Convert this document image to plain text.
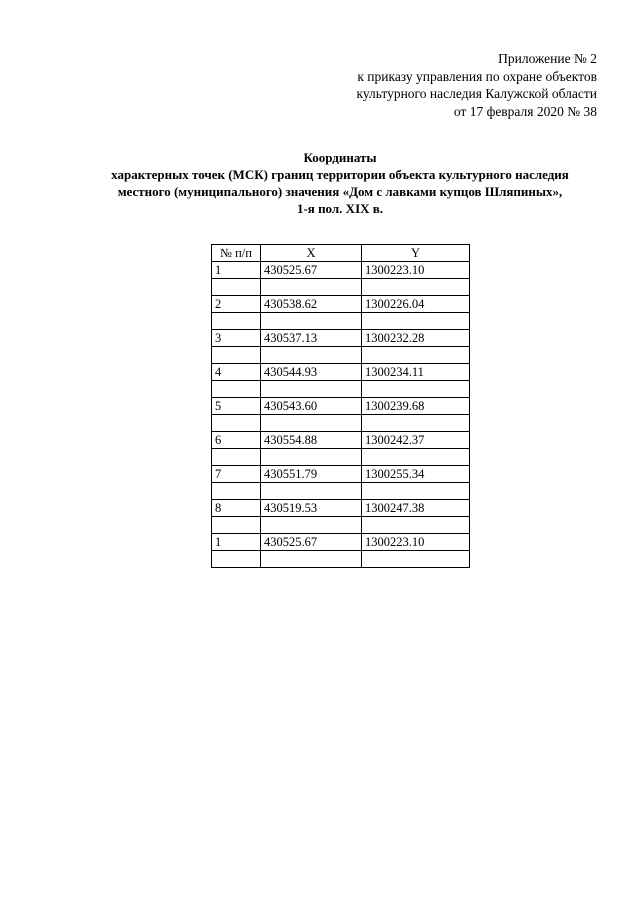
Приложение № 2
к приказу управления по охране объектов
культурного наследия Калужской области
от 17 февраля 2020 № 38
Координаты
характерных точек (МСК) границ территории объекта культурного наследия
местного (муниципального) значения «Дом с лавками купцов Шляпиных»,
1-я пол. XIX в.
№ п/п	X	Y
1	430525.67	1300223.10

2	430538.62	1300226.04

3	430537.13	1300232.28

4	430544.93	1300234.11

5	430543.60	1300239.68

6	430554.88	1300242.37

7	430551.79	1300255.34

8	430519.53	1300247.38

1	430525.67	1300223.10
